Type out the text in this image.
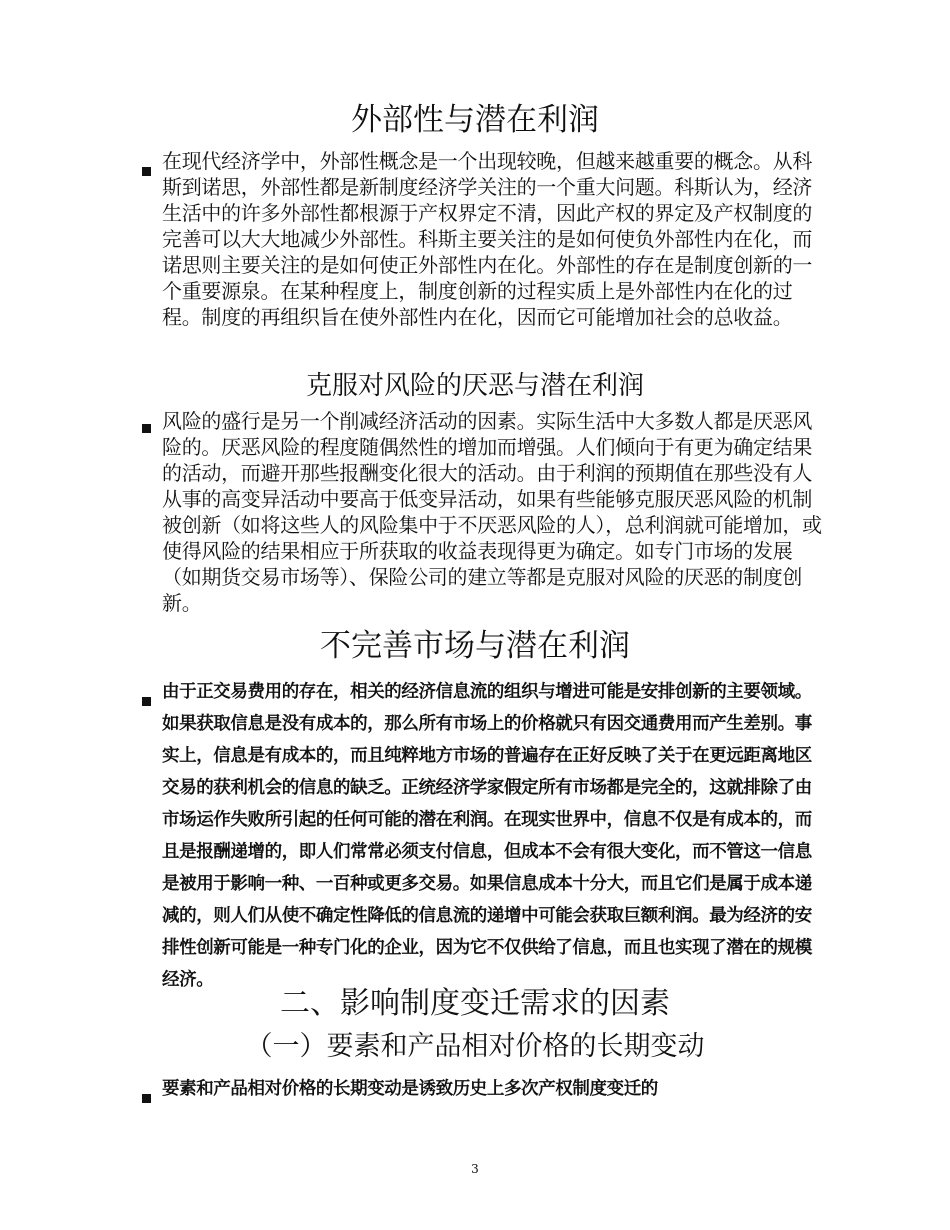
外部性与潜在利润

在现代经济学中，外部性概念是一个出现较晚，但越来越重要的概念。从科斯到诺思，外部性都是新制度经济学关注的一个重大问题。科斯认为，经济生活中的许多外部性都根源于产权界定不清，因此产权的界定及产权制度的完善可以大大地减少外部性。科斯主要关注的是如何使负外部性内在化，而诺思则主要关注的是如何使正外部性内在化。外部性的存在是制度创新的一个重要源泉。在某种程度上，制度创新的过程实质上是外部性内在化的过程。制度的再组织旨在使外部性内在化，因而它可能增加社会的总收益。

克服对风险的厌恶与潜在利润

风险的盛行是另一个削减经济活动的因素。实际生活中大多数人都是厌恶风险的。厌恶风险的程度随偶然性的增加而增强。人们倾向于有更为确定结果的活动，而避开那些报酬变化很大的活动。由于利润的预期值在那些没有人从事的高变异活动中要高于低变异活动，如果有些能够克服厌恶风险的机制被创新（如将这些人的风险集中于不厌恶风险的人），总利润就可能增加，或使得风险的结果相应于所获取的收益表现得更为确定。如专门市场的发展（如期货交易市场等）、保险公司的建立等都是克服对风险的厌恶的制度创新。

不完善市场与潜在利润

由于正交易费用的存在，相关的经济信息流的组织与增进可能是安排创新的主要领域。如果获取信息是没有成本的，那么所有市场上的价格就只有因交通费用而产生差别。事实上，信息是有成本的，而且纯粹地方市场的普遍存在正好反映了关于在更远距离地区交易的获利机会的信息的缺乏。正统经济学家假定所有市场都是完全的，这就排除了由市场运作失败所引起的任何可能的潜在利润。在现实世界中，信息不仅是有成本的，而且是报酬递增的，即人们常常必须支付信息，但成本不会有很大变化，而不管这一信息是被用于影响一种、一百种或更多交易。如果信息成本十分大，而且它们是属于成本递减的，则人们从使不确定性降低的信息流的递增中可能会获取巨额利润。最为经济的安排性创新可能是一种专门化的企业，因为它不仅供给了信息，而且也实现了潜在的规模经济。

二、影响制度变迁需求的因素
（一）要素和产品相对价格的长期变动

要素和产品相对价格的长期变动是诱致历史上多次产权制度变迁的

3
